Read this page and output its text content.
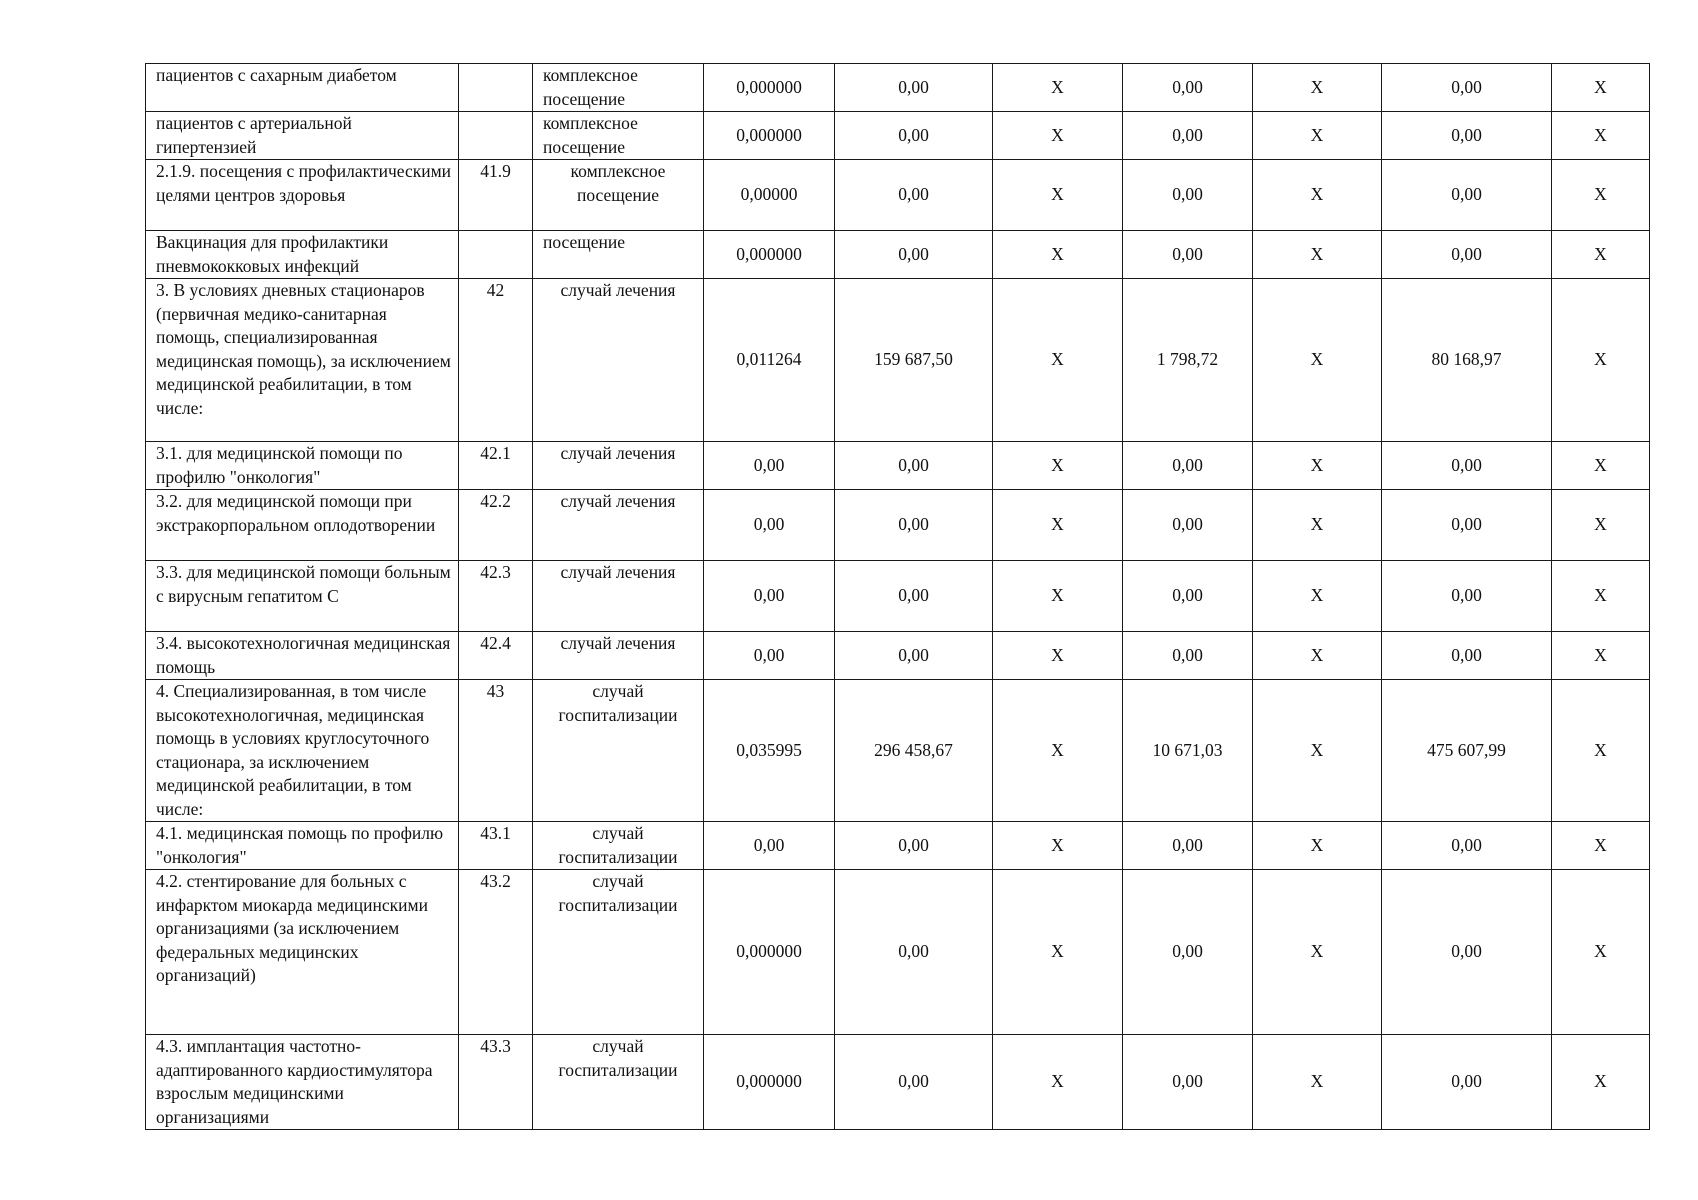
пациентов с сахарным диабетом		комплексное посещение	0,000000	0,00	X	0,00	X	0,00	X
пациентов с артериальной гипертензией		комплексное посещение	0,000000	0,00	X	0,00	X	0,00	X
2.1.9. посещения с профилактическими целями центров здоровья	41.9	комплексное посещение	0,00000	0,00	X	0,00	X	0,00	X
Вакцинация для профилактики пневмококковых инфекций		посещение	0,000000	0,00	X	0,00	X	0,00	X
3. В условиях дневных стационаров (первичная медико-санитарная помощь, специализированная медицинская помощь), за исключением медицинской реабилитации, в том числе:	42	случай лечения	0,011264	159 687,50	X	1 798,72	X	80 168,97	X
3.1. для медицинской помощи по профилю "онкология"	42.1	случай лечения	0,00	0,00	X	0,00	X	0,00	X
3.2. для медицинской помощи при экстракорпоральном оплодотворении	42.2	случай лечения	0,00	0,00	X	0,00	X	0,00	X
3.3. для медицинской помощи больным с вирусным гепатитом С	42.3	случай лечения	0,00	0,00	X	0,00	X	0,00	X
3.4. высокотехнологичная медицинская помощь	42.4	случай лечения	0,00	0,00	X	0,00	X	0,00	X
4. Специализированная, в том числе высокотехнологичная, медицинская помощь в условиях круглосуточного стационара, за исключением медицинской реабилитации, в том числе:	43	случай госпитализации	0,035995	296 458,67	X	10 671,03	X	475 607,99	X
4.1. медицинская помощь по профилю "онкология"	43.1	случай госпитализации	0,00	0,00	X	0,00	X	0,00	X
4.2. стентирование для больных с инфарктом миокарда медицинскими организациями (за исключением федеральных медицинских организаций)	43.2	случай госпитализации	0,000000	0,00	X	0,00	X	0,00	X
4.3. имплантация частотно-адаптированного кардиостимулятора взрослым медицинскими организациями	43.3	случай госпитализации	0,000000	0,00	X	0,00	X	0,00	X
